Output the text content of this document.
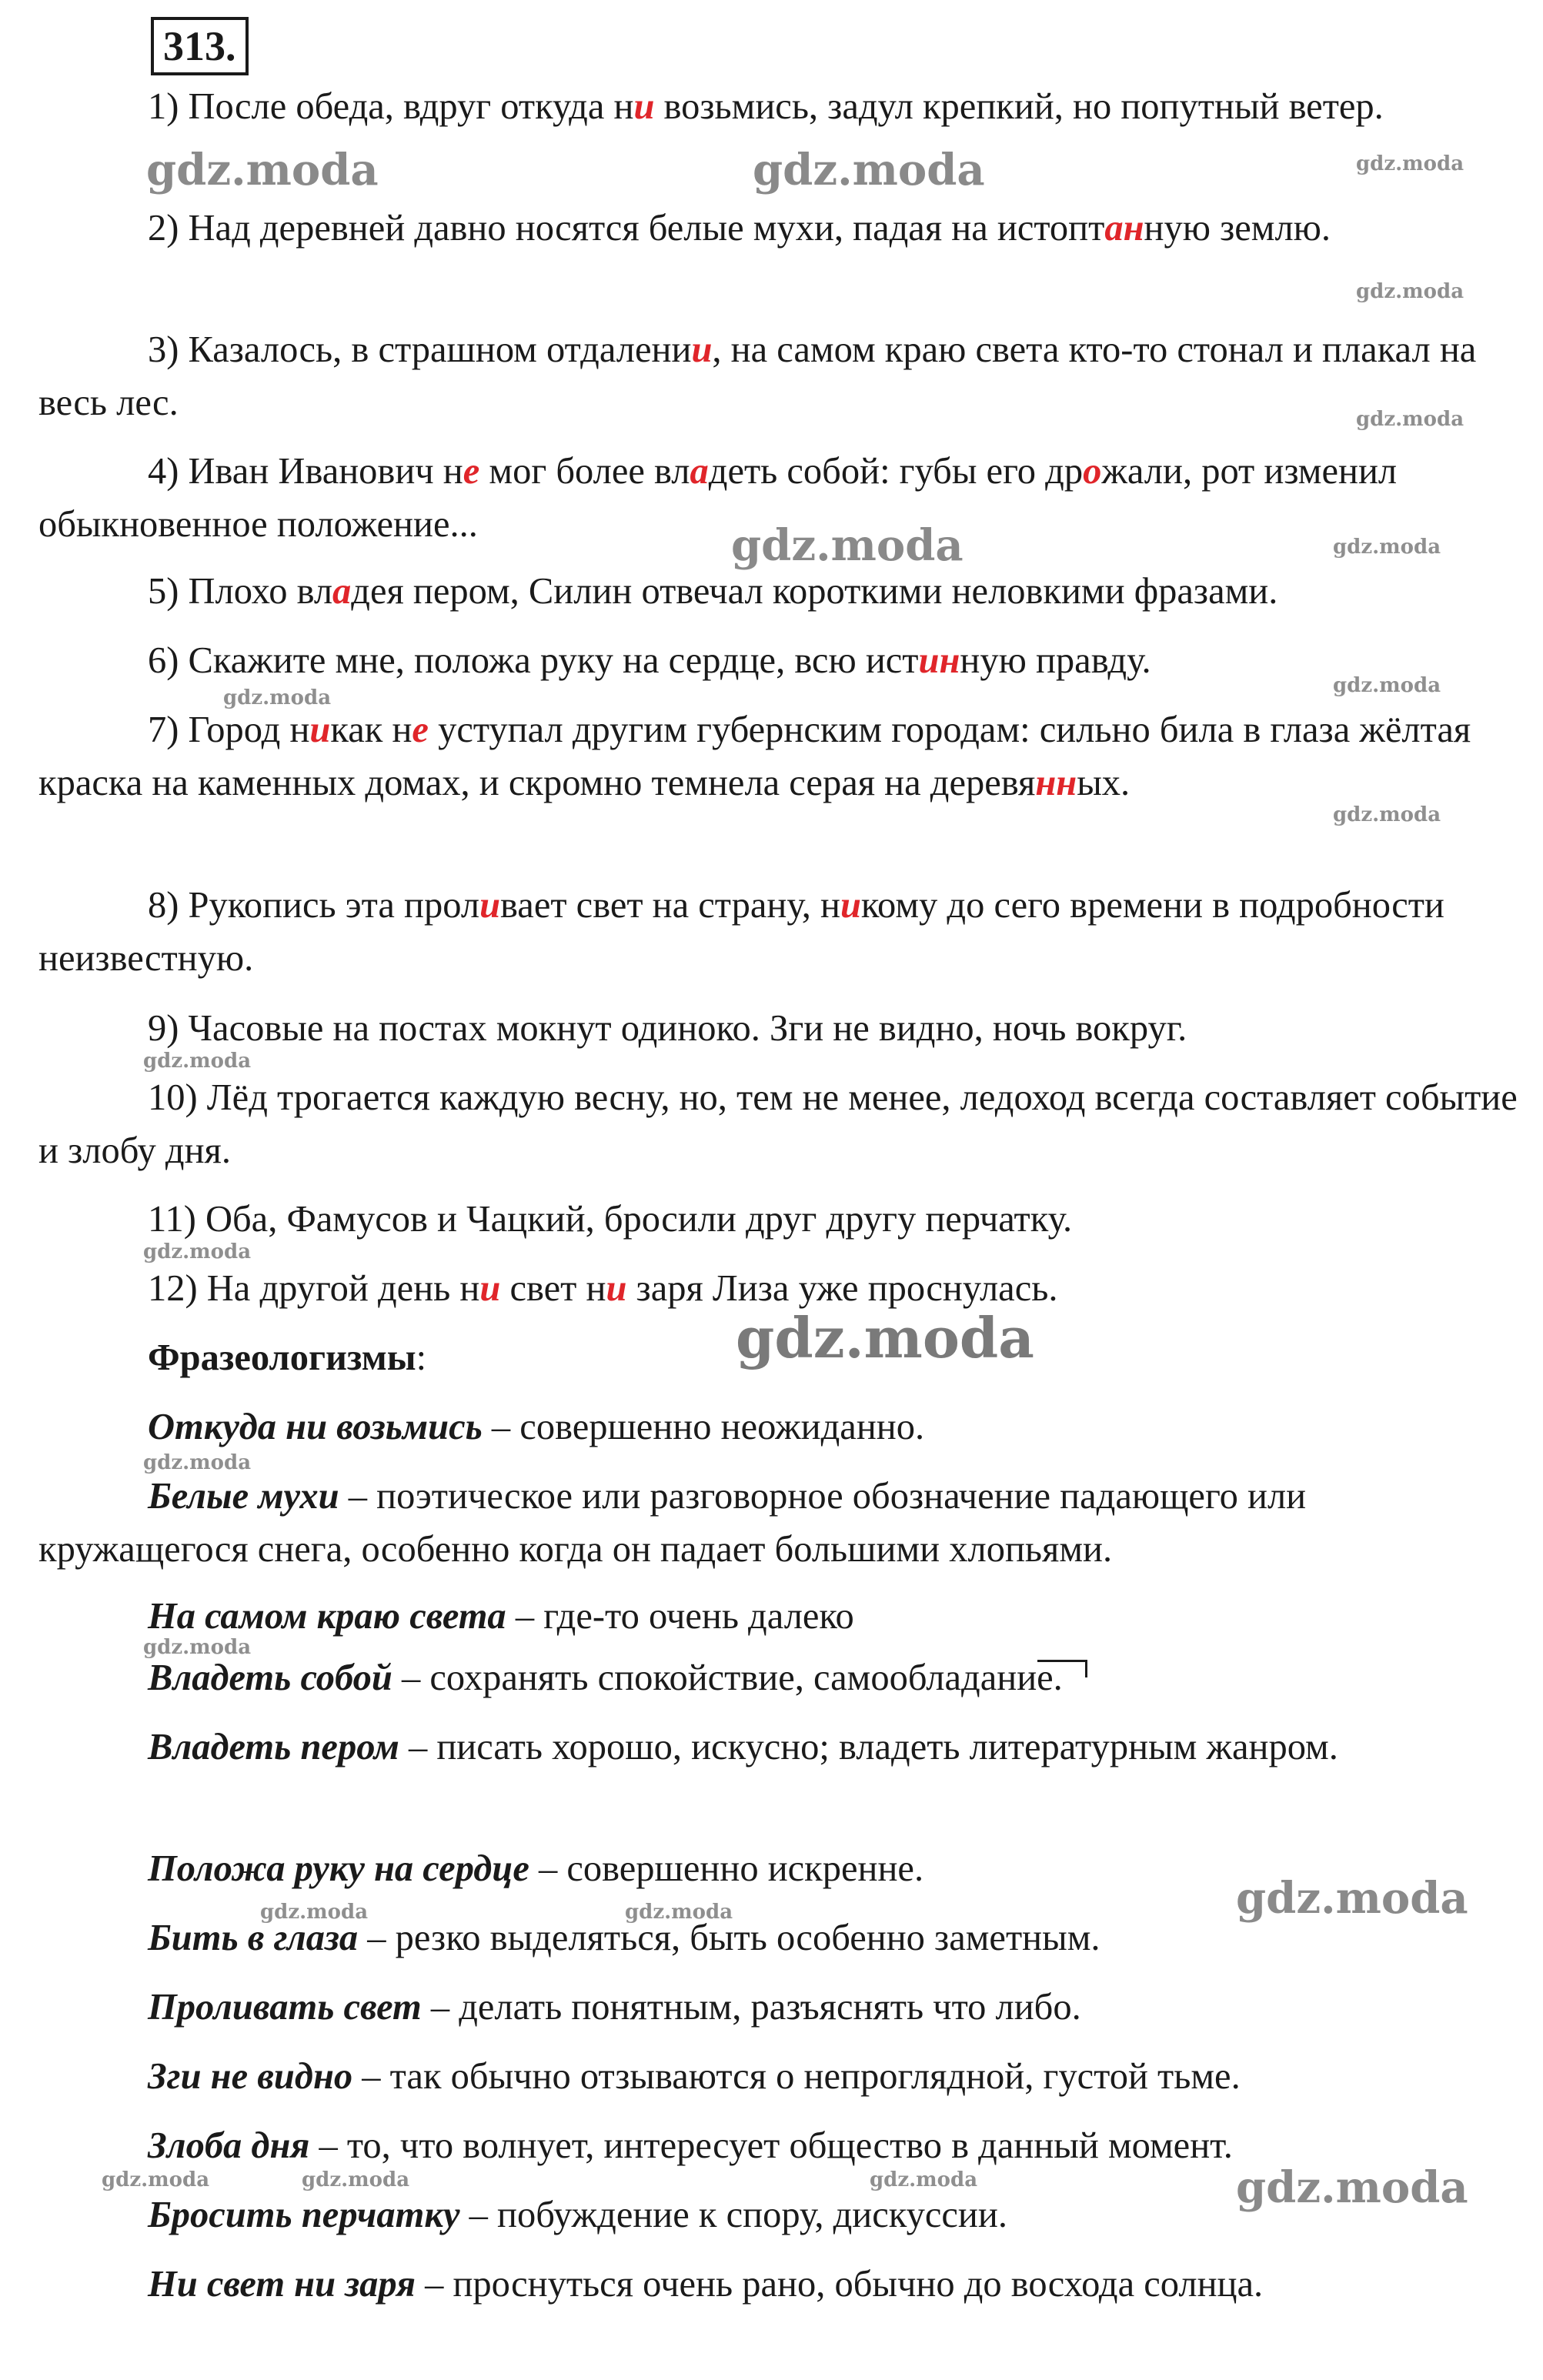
313.

1) После обеда, вдруг откуда ни возьмись, задул крепкий, но попутный ветер.

2) Над деревней давно носятся белые мухи, падая на истоптанную землю.

3) Казалось, в страшном отдалении, на самом краю света кто-то стонал и плакал на весь лес.

4) Иван Иванович не мог более владеть собой: губы его дрожали, рот изменил обыкновенное положение...

5) Плохо владея пером, Силин отвечал короткими неловкими фразами.

6) Скажите мне, положа руку на сердце, всю истинную правду.

7) Город никак не уступал другим губернским городам: сильно била в глаза жёлтая краска на каменных домах, и скромно темнела серая на деревянных.

8) Рукопись эта проливает свет на страну, никому до сего времени в подробности неизвестную.

9) Часовые на постах мокнут одиноко. Зги не видно, ночь вокруг.

10) Лёд трогается каждую весну, но, тем не менее, ледоход всегда составляет событие и злобу дня.

11) Оба, Фамусов и Чацкий, бросили друг другу перчатку.

12) На другой день ни свет ни заря Лиза уже проснулась.

Фразеологизмы:

Откуда ни возьмись – совершенно неожиданно.

Белые мухи – поэтическое или разговорное обозначение падающего или кружащегося снега, особенно когда он падает большими хлопьями.

На самом краю света – где-то очень далеко

Владеть собой – сохранять спокойствие, самообладание.

Владеть пером – писать хорошо, искусно; владеть литературным жанром.

Положа руку на сердце – совершенно искренне.

Бить в глаза – резко выделяться, быть особенно заметным.

Проливать свет – делать понятным, разъяснять что либо.

Зги не видно – так обычно отзываются о непроглядной, густой тьме.

Злоба дня – то, что волнует, интересует общество в данный момент.

Бросить перчатку – побуждение к спору, дискуссии.

Ни свет ни заря – проснуться очень рано, обычно до восхода солнца.

gdz.moda	gdz.moda	gdz.moda
gdz.moda
gdz.moda
gdz.moda	gdz.moda
gdz.moda
gdz.moda
gdz.moda
gdz.moda
gdz.moda
gdz.moda
gdz.moda
gdz.moda
gdz.moda
gdz.moda	gdz.moda
gdz.moda	gdz.moda	gdz.moda	gdz.moda
